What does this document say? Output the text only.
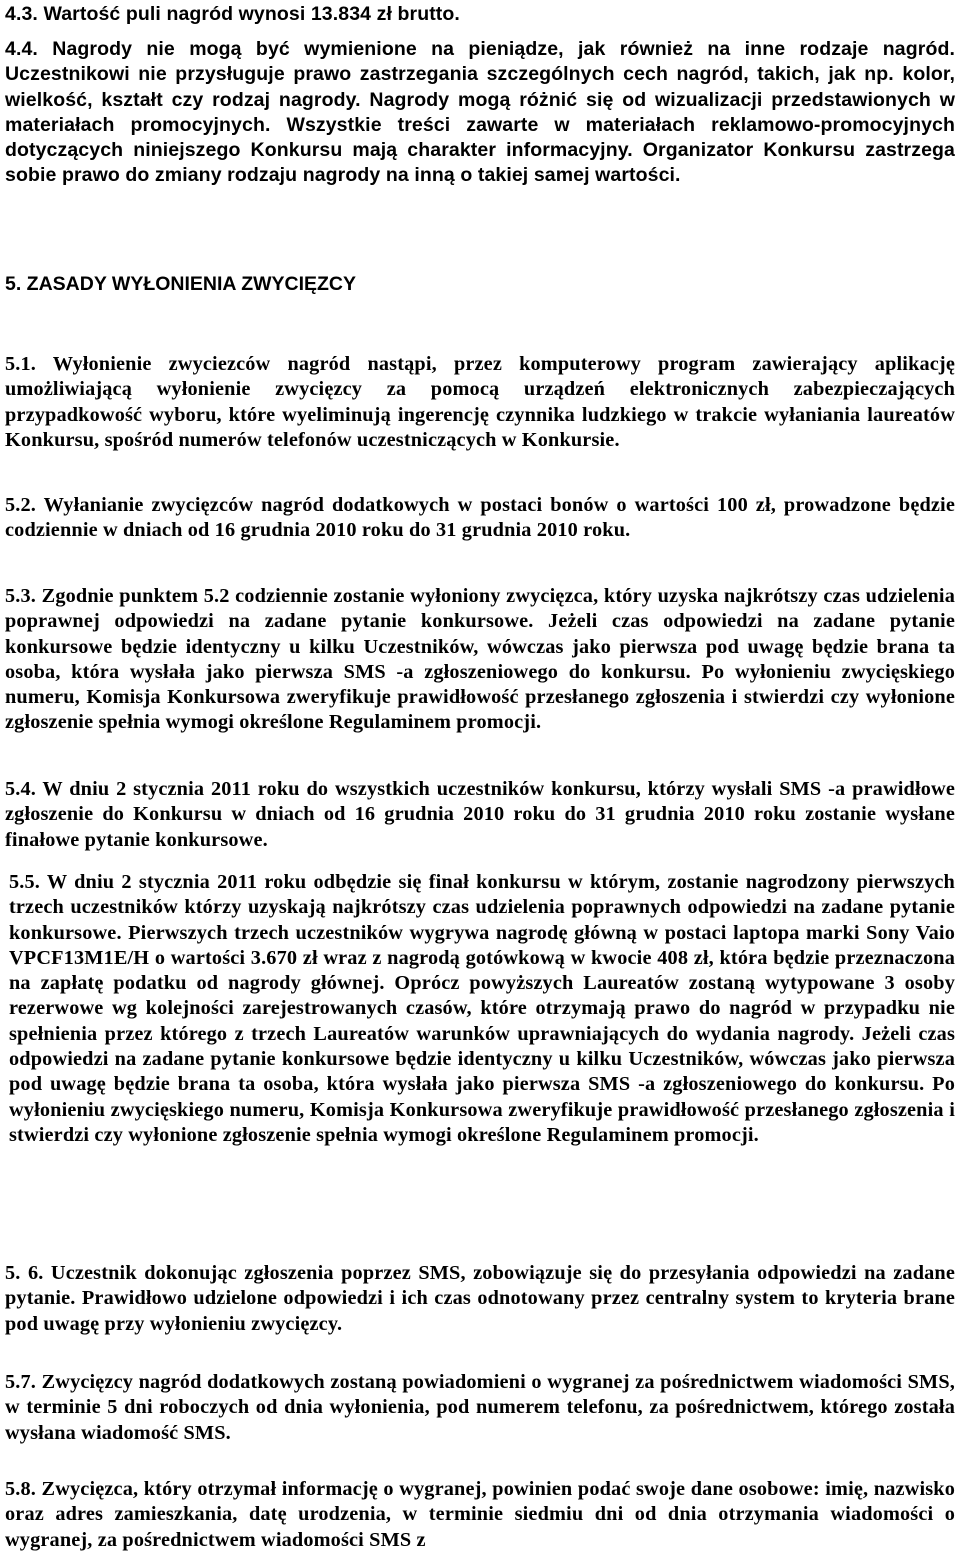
4.3. Wartość puli nagród wynosi 13.834 zł brutto.

4.4. Nagrody nie mogą być wymienione na pieniądze, jak również na inne rodzaje nagród. Uczestnikowi nie przysługuje prawo zastrzegania szczególnych cech nagród, takich, jak np. kolor, wielkość, kształt czy rodzaj nagrody. Nagrody mogą różnić się od wizualizacji przedstawionych w materiałach promocyjnych. Wszystkie treści zawarte w materiałach reklamowo-promocyjnych dotyczących niniejszego Konkursu mają charakter informacyjny. Organizator Konkursu zastrzega sobie prawo do zmiany rodzaju nagrody na inną o takiej samej wartości.

5. ZASADY WYŁONIENIA ZWYCIĘZCY

5.1. Wyłonienie zwyciezców nagród nastąpi, przez komputerowy program zawierający aplikację umożliwiającą wyłonienie zwycięzcy za pomocą urządzeń elektronicznych zabezpieczających przypadkowość wyboru, które wyeliminują ingerencję czynnika ludzkiego w trakcie wyłaniania laureatów Konkursu, spośród numerów telefonów uczestniczących w Konkursie.

5.2. Wyłanianie zwycięzców nagród dodatkowych w postaci bonów o wartości 100 zł, prowadzone będzie codziennie w dniach od 16 grudnia 2010 roku do 31 grudnia 2010 roku.

5.3. Zgodnie punktem 5.2 codziennie zostanie wyłoniony zwycięzca, który uzyska najkrótszy czas udzielenia poprawnej odpowiedzi na zadane pytanie konkursowe. Jeżeli czas odpowiedzi na zadane pytanie konkursowe będzie identyczny u kilku Uczestników, wówczas jako pierwsza pod uwagę będzie brana ta osoba, która wysłała jako pierwsza SMS -a zgłoszeniowego do konkursu. Po wyłonieniu zwycięskiego numeru, Komisja Konkursowa zweryfikuje prawidłowość przesłanego zgłoszenia i stwierdzi czy wyłonione zgłoszenie spełnia wymogi określone Regulaminem promocji.

5.4. W dniu 2 stycznia 2011 roku do wszystkich uczestników konkursu, którzy wysłali SMS -a prawidłowe zgłoszenie do Konkursu w dniach od 16 grudnia 2010 roku do 31 grudnia 2010 roku zostanie wysłane finałowe pytanie konkursowe.

5.5. W dniu 2 stycznia 2011 roku odbędzie się finał konkursu w którym, zostanie nagrodzony pierwszych trzech uczestników którzy uzyskają najkrótszy czas udzielenia poprawnych odpowiedzi na zadane pytanie konkursowe. Pierwszych trzech uczestników wygrywa nagrodę główną w postaci laptopa marki Sony Vaio VPCF13M1E/H o wartości 3.670 zł wraz z nagrodą gotówkową w kwocie 408 zł, która będzie przeznaczona na zapłatę podatku od nagrody głównej. Oprócz powyższych Laureatów zostaną wytypowane 3 osoby rezerwowe wg kolejności zarejestrowanych czasów, które otrzymają prawo do nagród w przypadku nie spełnienia przez którego z trzech Laureatów warunków uprawniających do wydania nagrody. Jeżeli czas odpowiedzi na zadane pytanie konkursowe będzie identyczny u kilku Uczestników, wówczas jako pierwsza pod uwagę będzie brana ta osoba, która wysłała jako pierwsza SMS -a zgłoszeniowego do konkursu. Po wyłonieniu zwycięskiego numeru, Komisja Konkursowa zweryfikuje prawidłowość przesłanego zgłoszenia i stwierdzi czy wyłonione zgłoszenie spełnia wymogi określone Regulaminem promocji.

5. 6. Uczestnik dokonując zgłoszenia poprzez SMS, zobowiązuje się do przesyłania odpowiedzi na zadane pytanie. Prawidłowo udzielone odpowiedzi i ich czas odnotowany przez centralny system to kryteria brane pod uwagę przy wyłonieniu zwycięzcy.

5.7. Zwycięzcy nagród dodatkowych zostaną powiadomieni o wygranej za pośrednictwem wiadomości SMS, w terminie 5 dni roboczych od dnia wyłonienia, pod numerem telefonu, za pośrednictwem, którego została wysłana wiadomość SMS.

5.8. Zwycięzca, który otrzymał informację o wygranej, powinien podać swoje dane osobowe: imię, nazwisko oraz adres zamieszkania, datę urodzenia, w terminie siedmiu dni od dnia otrzymania wiadomości o wygranej, za pośrednictwem wiadomości SMS z
